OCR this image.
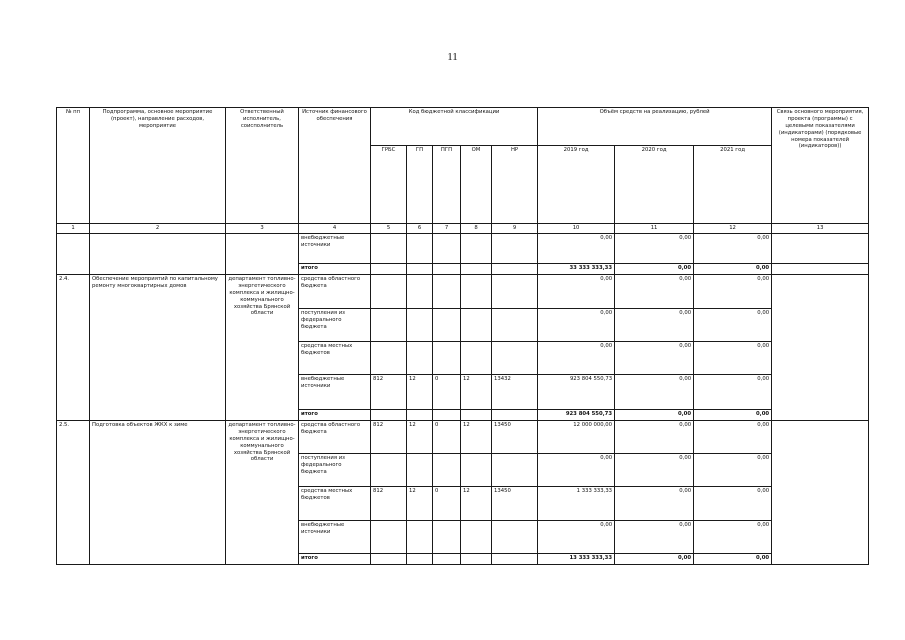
11
№ пп	Подпрограмма, основное мероприятие (проект), направление расходов, мероприятие	Ответственный исполнитель, соисполнитель	Источник финансового обеспечения	Код бюджетной классификации					Объём средств на реализацию, рублей			Связь основного мероприятия, проекта (программы) с целевыми показателями (индикаторами) (порядковые номера показателей (индикаторов))
				ГРБС	ГП	ПГП	ОМ	НР	2019 год	2020 год	2021 год	
1	2	3	4	5	6	7	8	9	10	11	12	13
			внебюджетные источники						0,00	0,00	0,00	
			итого						33 333 333,33	0,00	0,00	
2.4.	Обеспечение мероприятий по капитальному ремонту многоквартирных домов	департамент топливно-энергетического комплекса и жилищно-коммунального хозяйства Брянской области	средства областного бюджета						0,00	0,00	0,00	
			поступления из федерального бюджета						0,00	0,00	0,00	
			средства местных бюджетов						0,00	0,00	0,00	
			внебюджетные источники	812	12	0	12	13432	923 804 550,73	0,00	0,00	
			итого						923 804 550,73	0,00	0,00	
2.5.	Подготовка объектов ЖКХ к зиме	департамент топливно-энергетического комплекса и жилищно-коммунального хозяйства Брянской области	средства областного бюджета	812	12	0	12	13450	12 000 000,00	0,00	0,00	
			поступления из федерального бюджета						0,00	0,00	0,00	
			средства местных бюджетов	812	12	0	12	13450	1 333 333,33	0,00	0,00	
			внебюджетные источники						0,00	0,00	0,00	
			итого						13 333 333,33	0,00	0,00	
